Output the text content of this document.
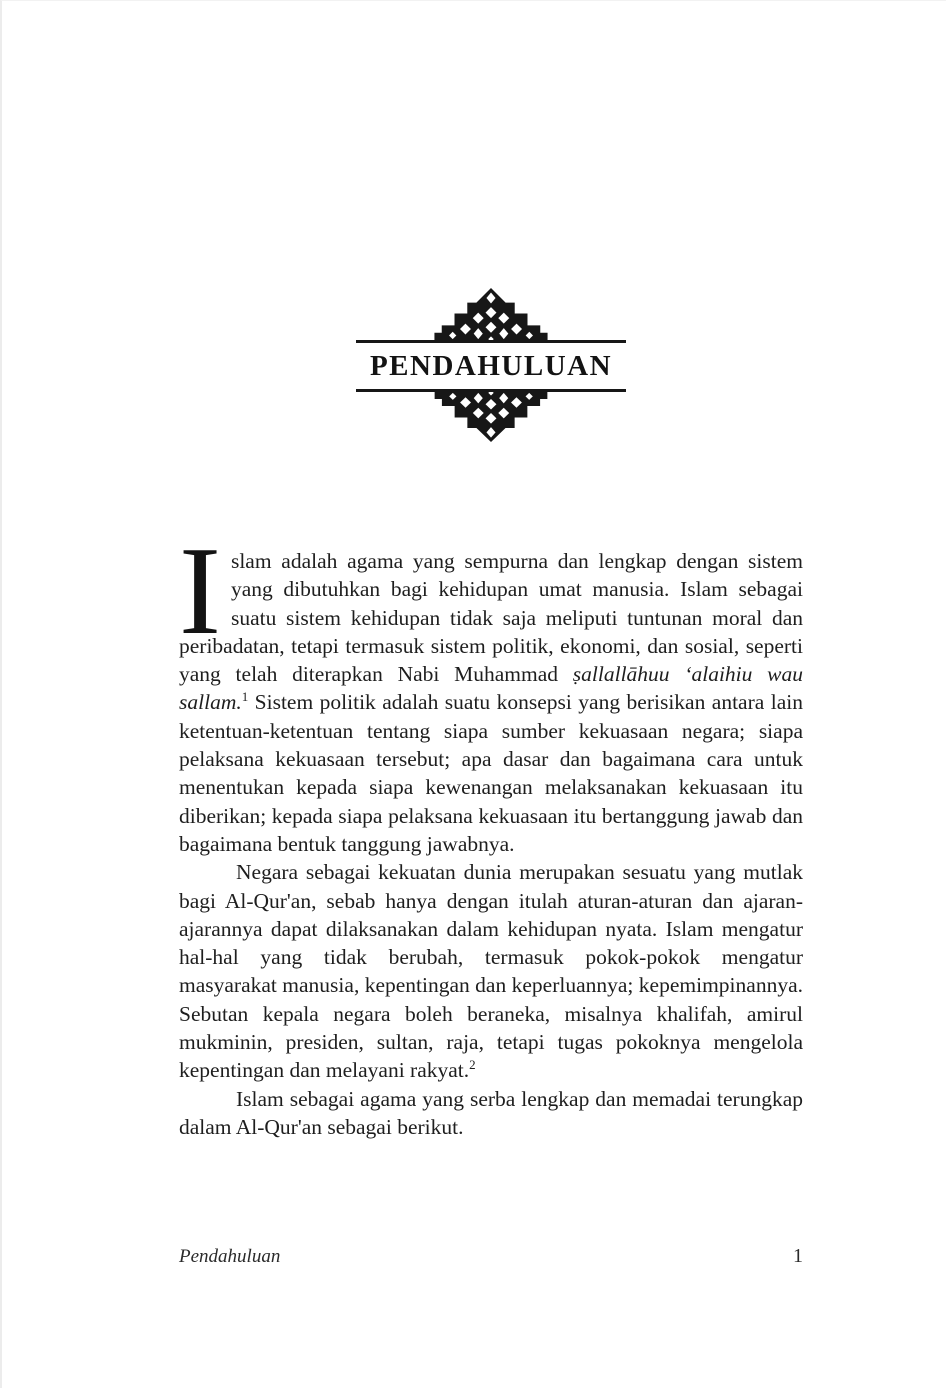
PENDAHULUAN

Islam adalah agama yang sempurna dan lengkap dengan sistem yang dibutuhkan bagi kehidupan umat manusia. Islam sebagai suatu sistem kehidupan tidak saja meliputi tuntunan moral dan peribadatan, tetapi termasuk sistem politik, ekonomi, dan sosial, seperti yang telah diterapkan Nabi Muhammad ṣallallāhuu ‘alaihiu wau sallam.$^1$ Sistem politik adalah suatu konsepsi yang berisikan antara lain ketentuan-ketentuan tentang siapa sumber kekuasaan negara; siapa pelaksana kekuasaan tersebut; apa dasar dan bagaimana cara untuk menentukan kepada siapa kewenangan melaksanakan kekuasaan itu diberikan; kepada siapa pelaksana kekuasaan itu bertanggung jawab dan bagaimana bentuk tanggung jawabnya.

Negara sebagai kekuatan dunia merupakan sesuatu yang mutlak bagi Al-Qur'an, sebab hanya dengan itulah aturan-aturan dan ajaran-ajarannya dapat dilaksanakan dalam kehidupan nyata. Islam mengatur hal-hal yang tidak berubah, termasuk pokok-pokok mengatur masyarakat manusia, kepentingan dan keperluannya; kepemimpinannya. Sebutan kepala negara boleh beraneka, misalnya khalifah, amirul mukminin, presiden, sultan, raja, tetapi tugas pokoknya mengelola kepentingan dan melayani rakyat.$^2$

Islam sebagai agama yang serba lengkap dan memadai terungkap dalam Al-Qur'an sebagai berikut.

Pendahuluan	1
